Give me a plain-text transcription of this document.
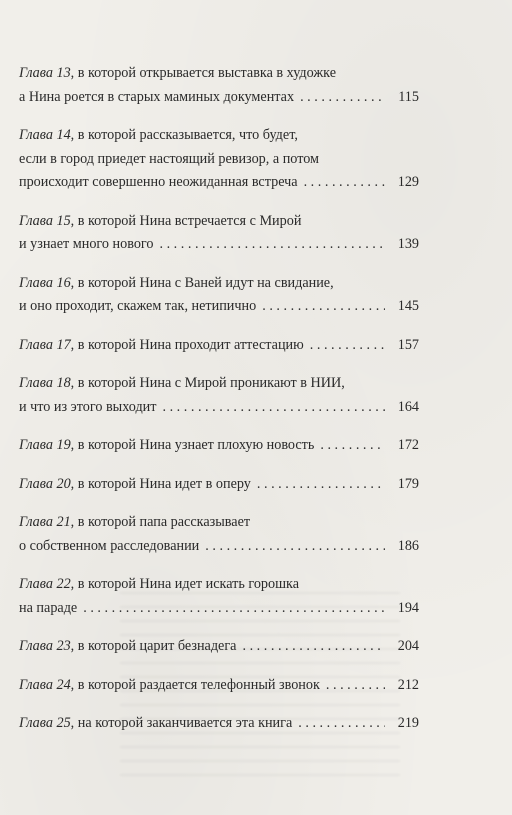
Глава 13 , в которой открывается выставка в художке
а Нина роется в старых маминых документах . . .	115
Глава 14 , в которой рассказывается, что будет,
если в город приедет настоящий ревизор, а потом
происходит совершенно неожиданная встреча . . .	129
Глава 15 , в которой Нина встречается с Мирой
и узнает много нового . . .	139
Глава 16 , в которой Нина с Ваней идут на свидание,
и оно проходит, скажем так, нетипично . . .	145
Глава 17 , в которой Нина проходит аттестацию . . .	157
Глава 18 , в которой Нина с Мирой проникают в НИИ,
и что из этого выходит . . .	164
Глава 19 , в которой Нина узнает плохую новость . . .	172
Глава 20 , в которой Нина идет в оперу . . .	179
Глава 21 , в которой папа рассказывает
о собственном расследовании . . .	186
Глава 22 , в которой Нина идет искать горошка
на параде . . .	194
Глава 23 , в которой царит безнадега . . .	204
Глава 24 , в которой раздается телефонный звонок . . .	212
Глава 25 , на которой заканчивается эта книга . . .	219
